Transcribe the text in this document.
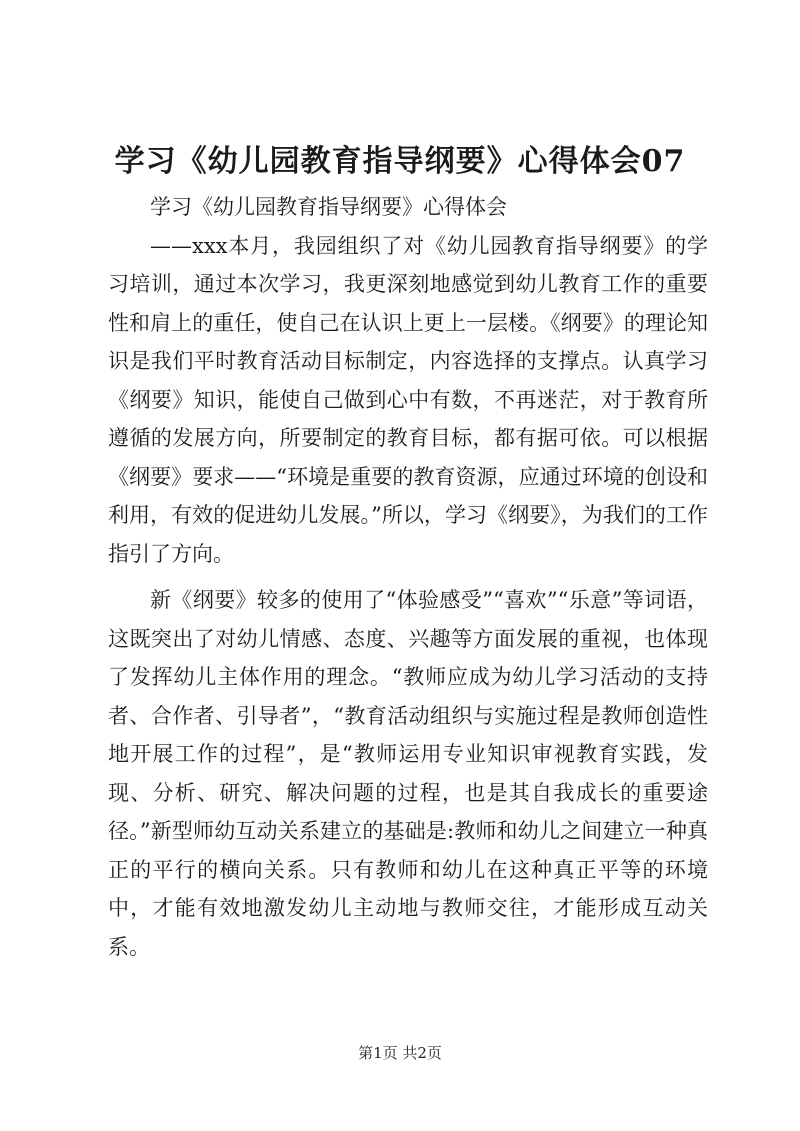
学习《幼儿园教育指导纲要》心得体会07

学习《幼儿园教育指导纲要》心得体会

——xxx本月，我园组织了对《幼儿园教育指导纲要》的学习培训，通过本次学习，我更深刻地感觉到幼儿教育工作的重要性和肩上的重任，使自己在认识上更上一层楼。《纲要》的理论知识是我们平时教育活动目标制定，内容选择的支撑点。认真学习《纲要》知识，能使自己做到心中有数，不再迷茫，对于教育所遵循的发展方向，所要制定的教育目标，都有据可依。可以根据《纲要》要求——“环境是重要的教育资源，应通过环境的创设和利用，有效的促进幼儿发展。”所以，学习《纲要》，为我们的工作指引了方向。

新《纲要》较多的使用了“体验感受”“喜欢”“乐意”等词语，这既突出了对幼儿情感、态度、兴趣等方面发展的重视，也体现了发挥幼儿主体作用的理念。“教师应成为幼儿学习活动的支持者、合作者、引导者”，“教育活动组织与实施过程是教师创造性地开展工作的过程”，是“教师运用专业知识审视教育实践，发现、分析、研究、解决问题的过程，也是其自我成长的重要途径。”新型师幼互动关系建立的基础是:教师和幼儿之间建立一种真正的平行的横向关系。只有教师和幼儿在这种真正平等的环境中，才能有效地激发幼儿主动地与教师交往，才能形成互动关系。

第1页 共2页
